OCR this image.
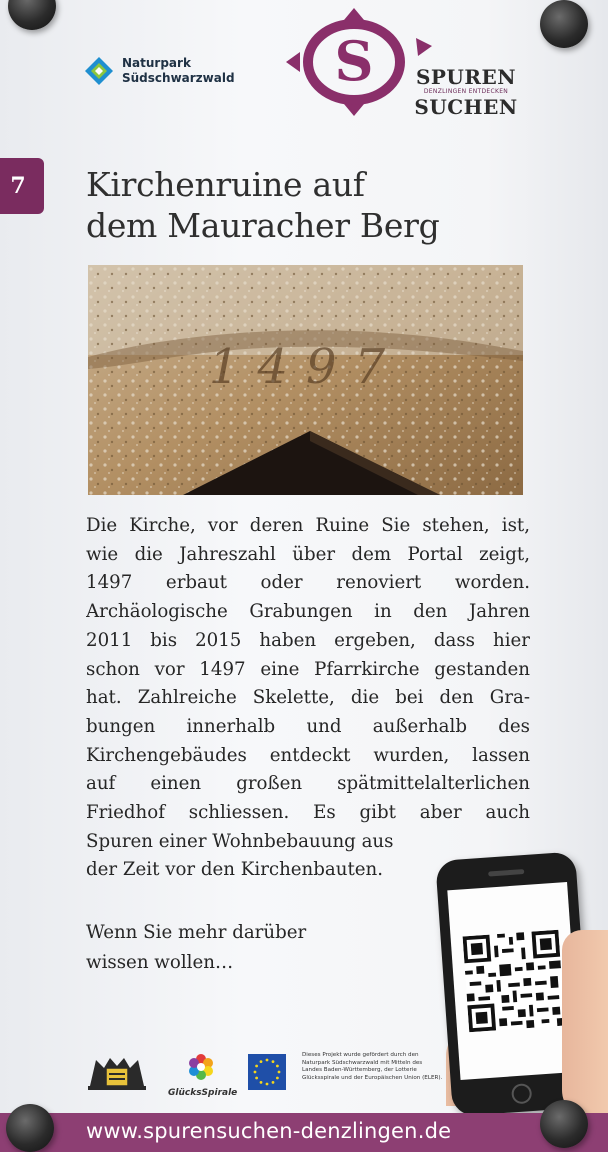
Naturpark
Südschwarzwald S	SPUREN
DENZLINGEN ENTDECKEN
SUCHEN
7 Kirchenruine auf
dem Mauracher Berg
1497
Die Kirche, vor deren Ruine Sie stehen, ist,
wie die Jahreszahl über dem Portal zeigt,
1497 erbaut oder renoviert worden.
Archäologische Grabungen in den Jahren
2011 bis 2015 haben ergeben, dass hier
schon vor 1497 eine Pfarrkirche gestanden
hat. Zahlreiche Skelette, die bei den Gra-
bungen innerhalb und außerhalb des
Kirchengebäudes entdeckt wurden, lassen
auf einen großen spätmittelalterlichen
Friedhof schliessen. Es gibt aber auch
Spuren einer Wohnbebauung aus
der Zeit vor den Kirchenbauten.
Wenn Sie mehr darüber
wissen wollen…
GlücksSpirale
Dieses Projekt wurde gefördert durch den
Naturpark Südschwarzwald mit Mitteln des
Landes Baden-Württemberg, der Lotterie
Glücksspirale und der Europäischen Union (ELER).
www.spurensuchen-denzlingen.de
